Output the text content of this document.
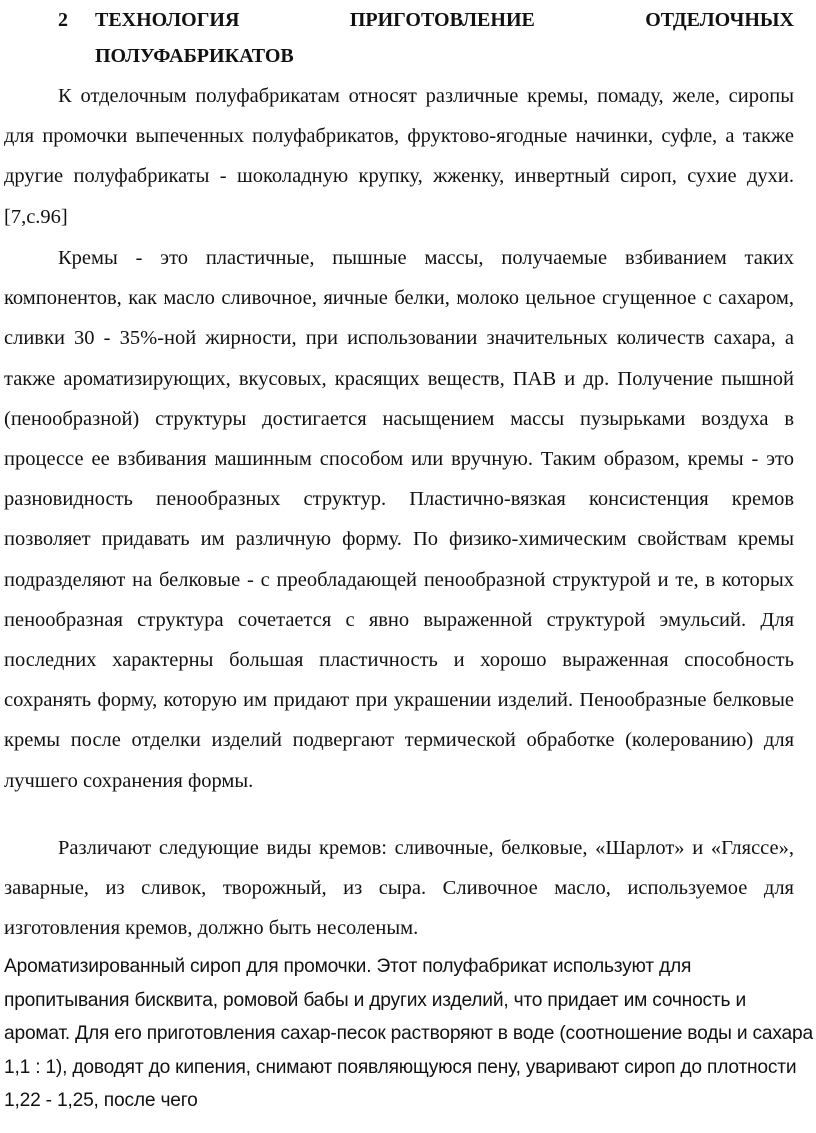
2 ТЕХНОЛОГИЯ	ПРИГОТОВЛЕНИЕ	ОТДЕЛОЧНЫХ
ПОЛУФАБРИКАТОВ

К отделочным полуфабрикатам относят различные кремы, помаду, желе, сиропы для промочки выпеченных полуфабрикатов, фруктово-ягодные начинки, суфле, а также другие полуфабрикаты - шоколадную крупку, жженку, инвертный сироп, сухие духи. [7,с.96]

Кремы - это пластичные, пышные массы, получаемые взбиванием таких компонентов, как масло сливочное, яичные белки, молоко цельное сгущенное с сахаром, сливки 30 - 35%-ной жирности, при использовании значительных количеств сахара, а также ароматизирующих, вкусовых, красящих веществ, ПАВ и др. Получение пышной (пенообразной) структуры достигается насыщением массы пузырьками воздуха в процессе ее взбивания машинным способом или вручную. Таким образом, кремы - это разновидность пенообразных структур. Пластично-вязкая консистенция кремов позволяет придавать им различную форму. По физико-химическим свойствам кремы подразделяют на белковые - с преобладающей пенообразной структурой и те, в которых пенообразная структура сочетается с явно выраженной структурой эмульсий. Для последних характерны большая пластичность и хорошо выраженная способность сохранять форму, которую им придают при украшении изделий. Пенообразные белковые кремы после отделки изделий подвергают термической обработке (колерованию) для лучшего сохранения формы.

Различают следующие виды кремов: сливочные, белковые, «Шарлот» и «Гляссе», заварные, из сливок, творожный, из сыра. Сливочное масло, используемое для изготовления кремов, должно быть несоленым.

Ароматизированный сироп для промочки. Этот полуфабрикат используют для пропитывания бисквита, ромовой бабы и других изделий, что придает им сочность и аромат. Для его приготовления сахар-песок растворяют в воде (соотношение воды и сахара 1,1 : 1), доводят до кипения, снимают появляющуюся пену, уваривают сироп до плотности 1,22 - 1,25, после чего
